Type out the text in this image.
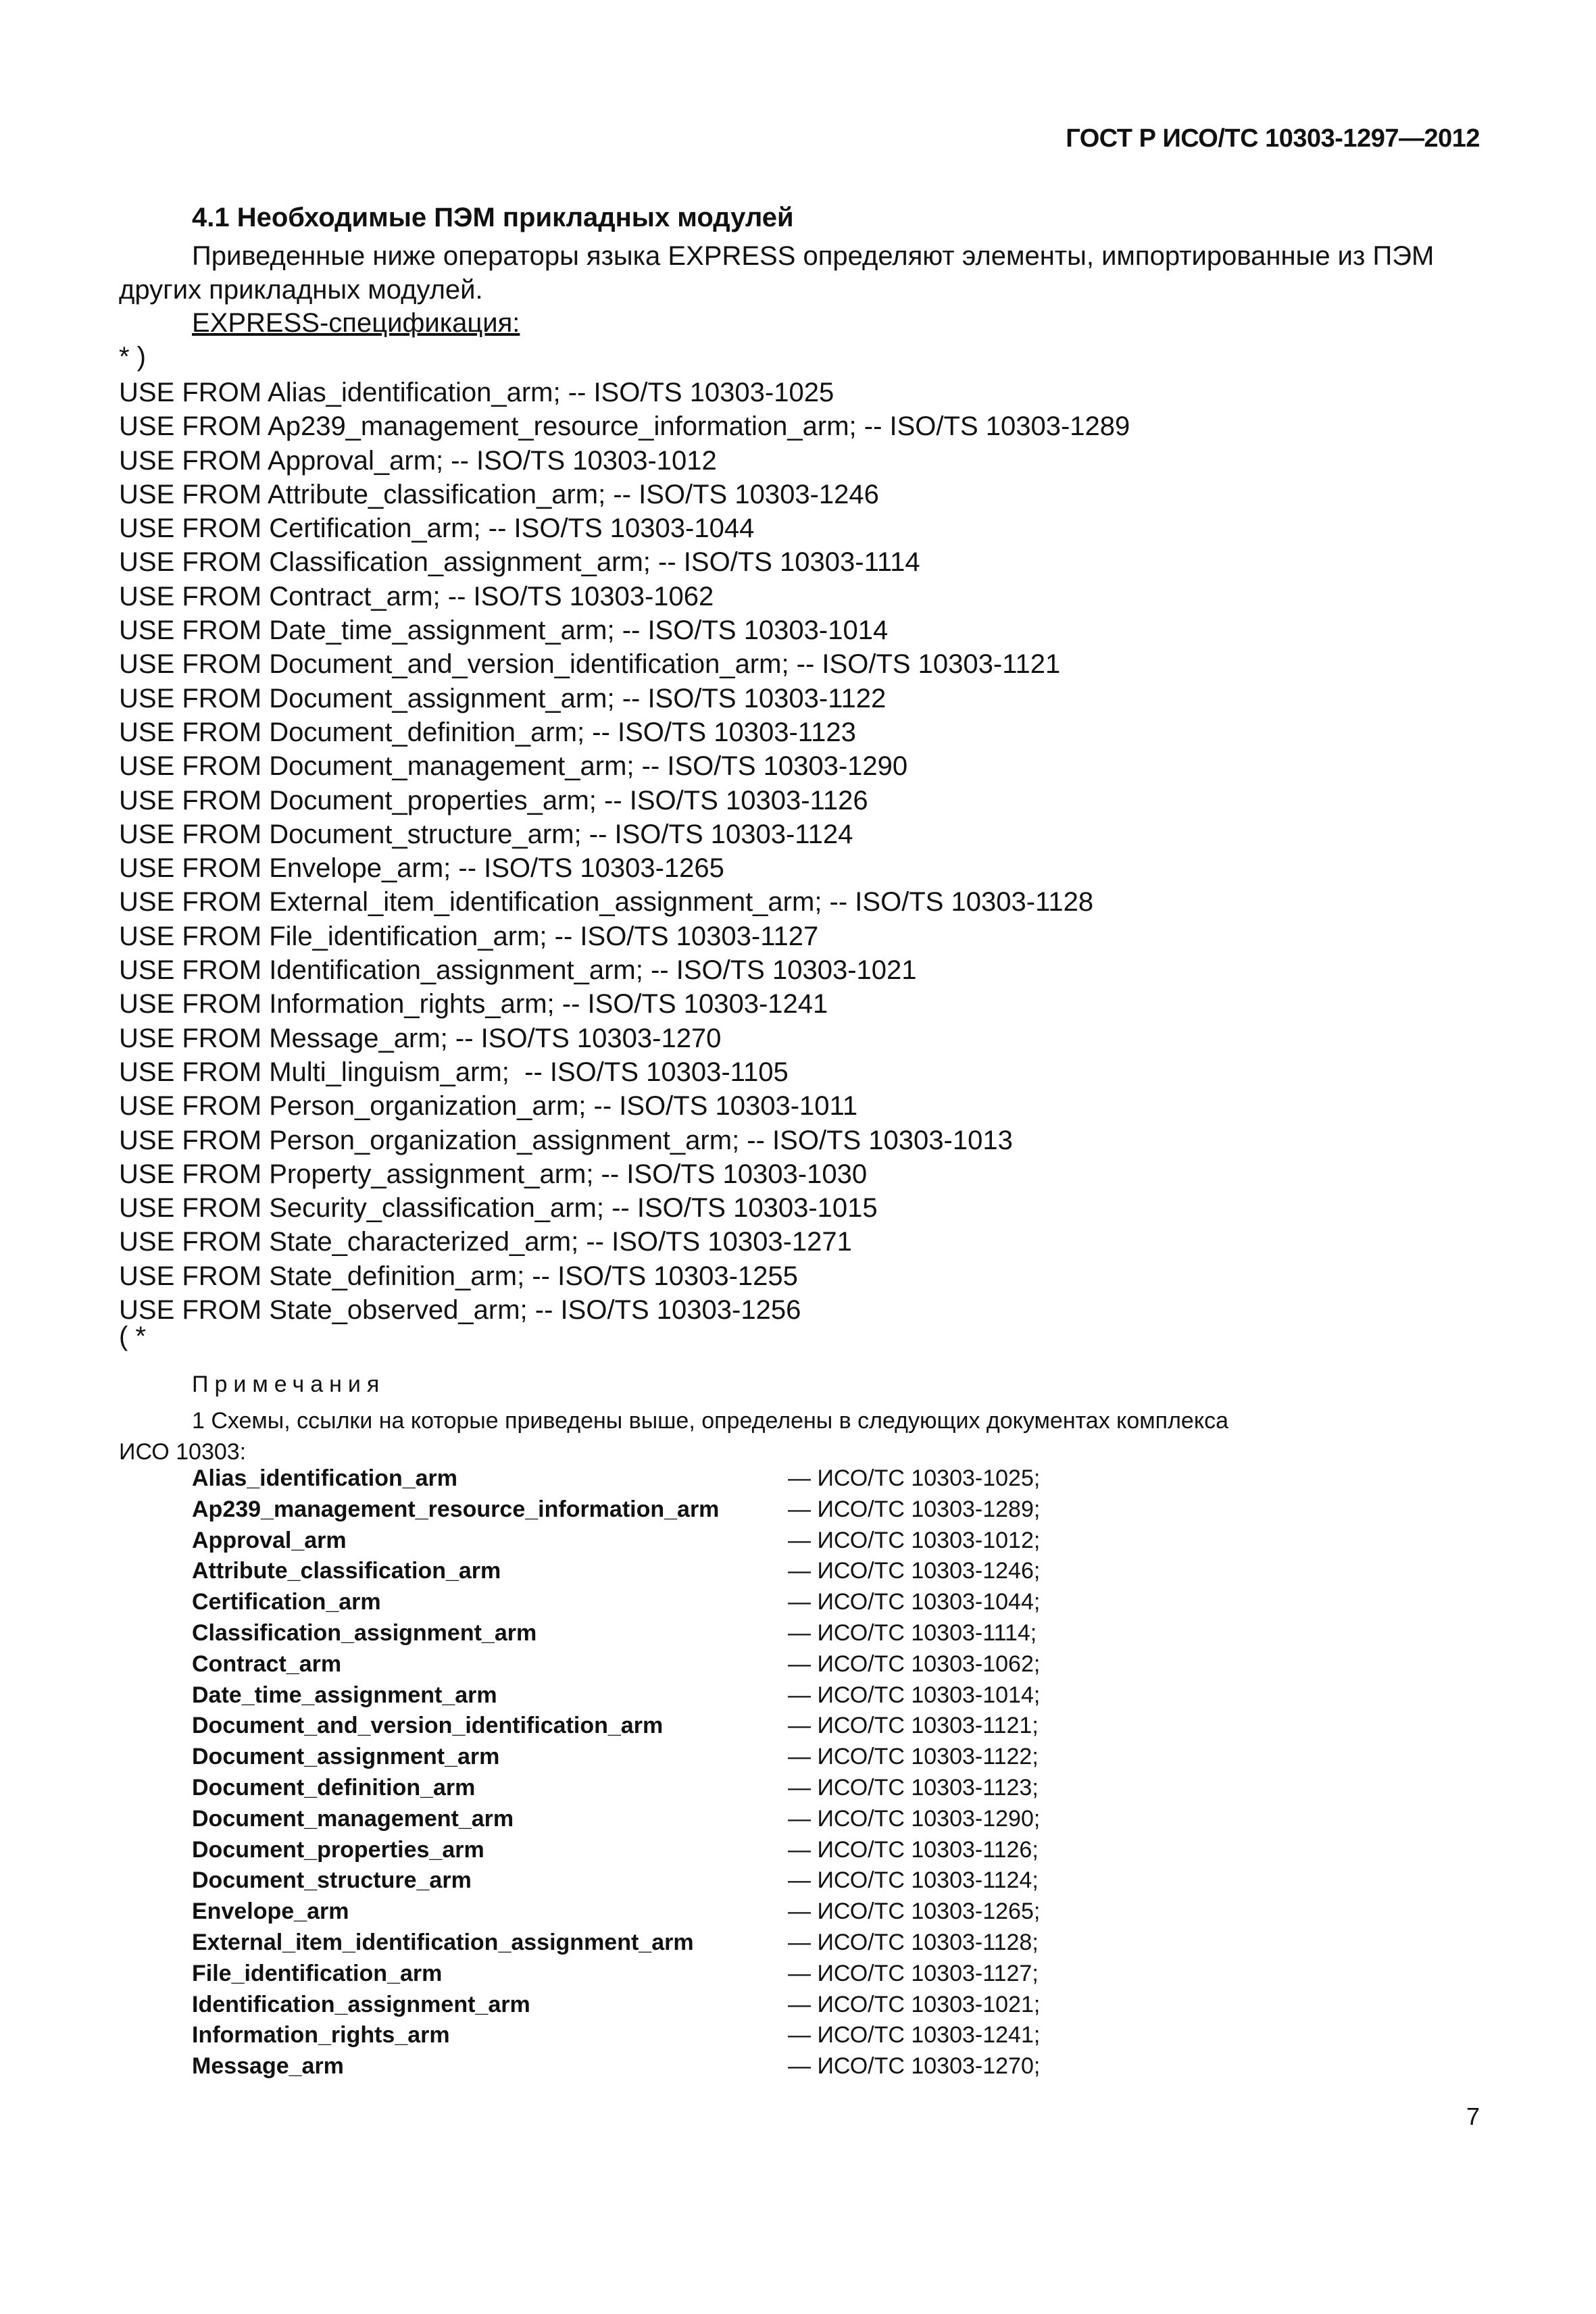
ГОСТ Р ИСО/ТС 10303-1297—2012
4.1 Необходимые ПЭМ прикладных модулей
Приведенные ниже операторы языка EXPRESS определяют элементы, импортированные из ПЭМ
других прикладных модулей.
EXPRESS-спецификация:
* )
USE FROM Alias_identification_arm; -- ISO/TS 10303-1025
USE FROM Ap239_management_resource_information_arm; -- ISO/TS 10303-1289
USE FROM Approval_arm; -- ISO/TS 10303-1012
USE FROM Attribute_classification_arm; -- ISO/TS 10303-1246
USE FROM Certification_arm; -- ISO/TS 10303-1044
USE FROM Classification_assignment_arm; -- ISO/TS 10303-1114
USE FROM Contract_arm; -- ISO/TS 10303-1062
USE FROM Date_time_assignment_arm; -- ISO/TS 10303-1014
USE FROM Document_and_version_identification_arm; -- ISO/TS 10303-1121
USE FROM Document_assignment_arm; -- ISO/TS 10303-1122
USE FROM Document_definition_arm; -- ISO/TS 10303-1123
USE FROM Document_management_arm; -- ISO/TS 10303-1290
USE FROM Document_properties_arm; -- ISO/TS 10303-1126
USE FROM Document_structure_arm; -- ISO/TS 10303-1124
USE FROM Envelope_arm; -- ISO/TS 10303-1265
USE FROM External_item_identification_assignment_arm; -- ISO/TS 10303-1128
USE FROM File_identification_arm; -- ISO/TS 10303-1127
USE FROM Identification_assignment_arm; -- ISO/TS 10303-1021
USE FROM Information_rights_arm; -- ISO/TS 10303-1241
USE FROM Message_arm; -- ISO/TS 10303-1270
USE FROM Multi_linguism_arm;  -- ISO/TS 10303-1105
USE FROM Person_organization_arm; -- ISO/TS 10303-1011
USE FROM Person_organization_assignment_arm; -- ISO/TS 10303-1013
USE FROM Property_assignment_arm; -- ISO/TS 10303-1030
USE FROM Security_classification_arm; -- ISO/TS 10303-1015
USE FROM State_characterized_arm; -- ISO/TS 10303-1271
USE FROM State_definition_arm; -- ISO/TS 10303-1255
USE FROM State_observed_arm; -- ISO/TS 10303-1256
( *
Примечания
1 Схемы, ссылки на которые приведены выше, определены в следующих документах комплекса
ИСО 10303:
Alias_identification_arm	— ИСО/ТС 10303-1025;
Ap239_management_resource_information_arm	— ИСО/ТС 10303-1289;
Approval_arm	— ИСО/ТС 10303-1012;
Attribute_classification_arm	— ИСО/ТС 10303-1246;
Certification_arm	— ИСО/ТС 10303-1044;
Classification_assignment_arm	— ИСО/ТС 10303-1114;
Contract_arm	— ИСО/ТС 10303-1062;
Date_time_assignment_arm	— ИСО/ТС 10303-1014;
Document_and_version_identification_arm	— ИСО/ТС 10303-1121;
Document_assignment_arm	— ИСО/ТС 10303-1122;
Document_definition_arm	— ИСО/ТС 10303-1123;
Document_management_arm	— ИСО/ТС 10303-1290;
Document_properties_arm	— ИСО/ТС 10303-1126;
Document_structure_arm	— ИСО/ТС 10303-1124;
Envelope_arm	— ИСО/ТС 10303-1265;
External_item_identification_assignment_arm	— ИСО/ТС 10303-1128;
File_identification_arm	— ИСО/ТС 10303-1127;
Identification_assignment_arm	— ИСО/ТС 10303-1021;
Information_rights_arm	— ИСО/ТС 10303-1241;
Message_arm	— ИСО/ТС 10303-1270;
7
